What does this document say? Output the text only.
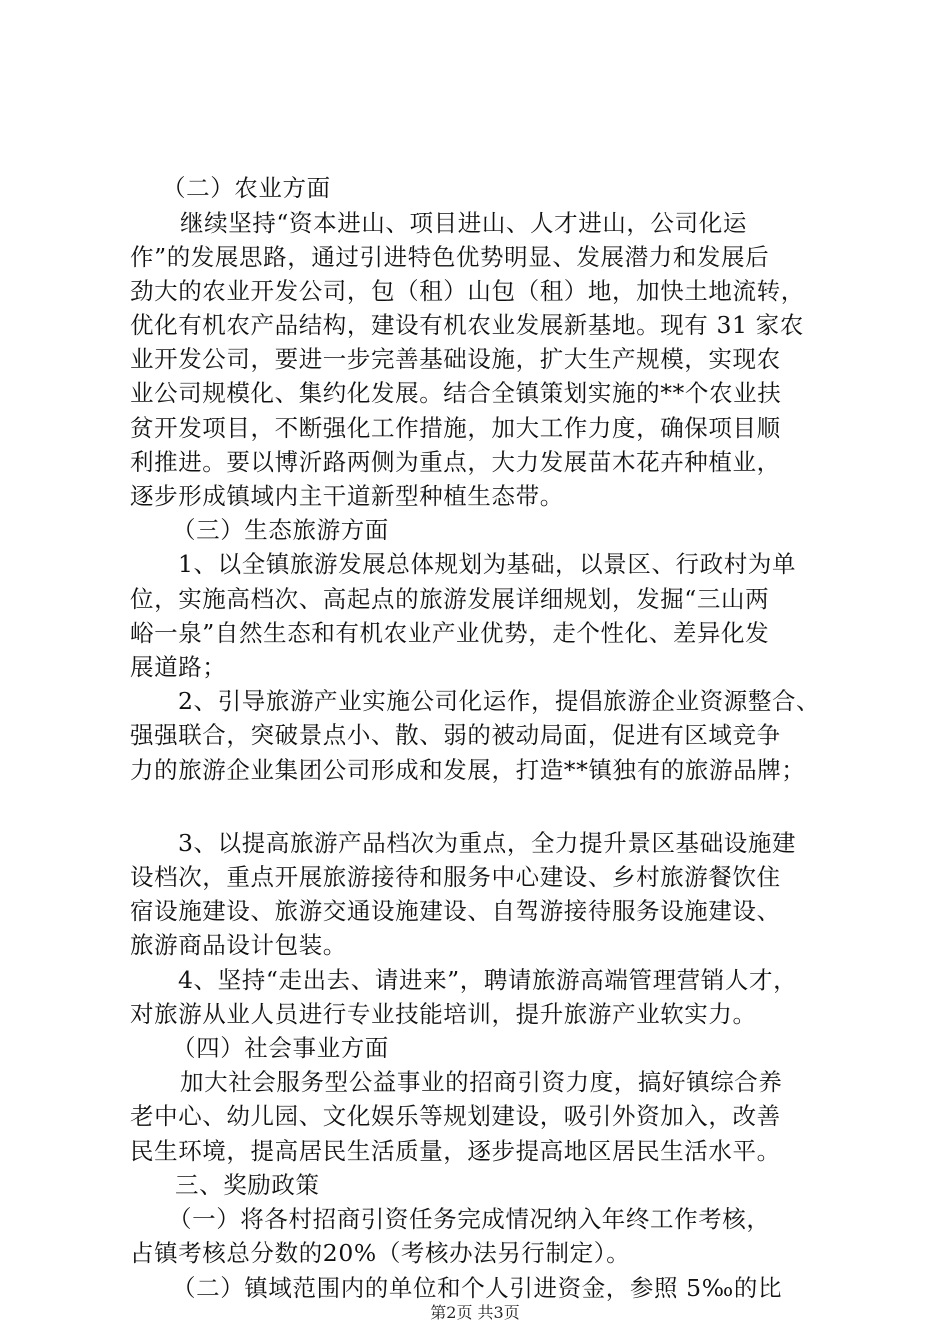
（二）农业方面
继续坚持“资本进山、项目进山、人才进山，公司化运
作”的发展思路，通过引进特色优势明显、发展潜力和发展后
劲大的农业开发公司，包（租）山包（租）地，加快土地流转，
优化有机农产品结构，建设有机农业发展新基地。现有 31 家农
业开发公司，要进一步完善基础设施，扩大生产规模，实现农
业公司规模化、集约化发展。结合全镇策划实施的**个农业扶
贫开发项目，不断强化工作措施，加大工作力度，确保项目顺
利推进。要以博沂路两侧为重点，大力发展苗木花卉种植业，
逐步形成镇域内主干道新型种植生态带。
（三）生态旅游方面
1、以全镇旅游发展总体规划为基础，以景区、行政村为单
位，实施高档次、高起点的旅游发展详细规划，发掘“三山两
峪一泉”自然生态和有机农业产业优势，走个性化、差异化发
展道路；
2、引导旅游产业实施公司化运作，提倡旅游企业资源整合、
强强联合，突破景点小、散、弱的被动局面，促进有区域竞争
力的旅游企业集团公司形成和发展，打造**镇独有的旅游品牌；
3、以提高旅游产品档次为重点，全力提升景区基础设施建
设档次，重点开展旅游接待和服务中心建设、乡村旅游餐饮住
宿设施建设、旅游交通设施建设、自驾游接待服务设施建设、
旅游商品设计包装。
4、坚持“走出去、请进来”，聘请旅游高端管理营销人才，
对旅游从业人员进行专业技能培训，提升旅游产业软实力。
（四）社会事业方面
加大社会服务型公益事业的招商引资力度，搞好镇综合养
老中心、幼儿园、文化娱乐等规划建设，吸引外资加入，改善
民生环境，提高居民生活质量，逐步提高地区居民生活水平。
三、奖励政策
（一）将各村招商引资任务完成情况纳入年终工作考核，
占镇考核总分数的20%（考核办法另行制定）。
（二）镇域范围内的单位和个人引进资金，参照 5‰的比
第2页 共3页
